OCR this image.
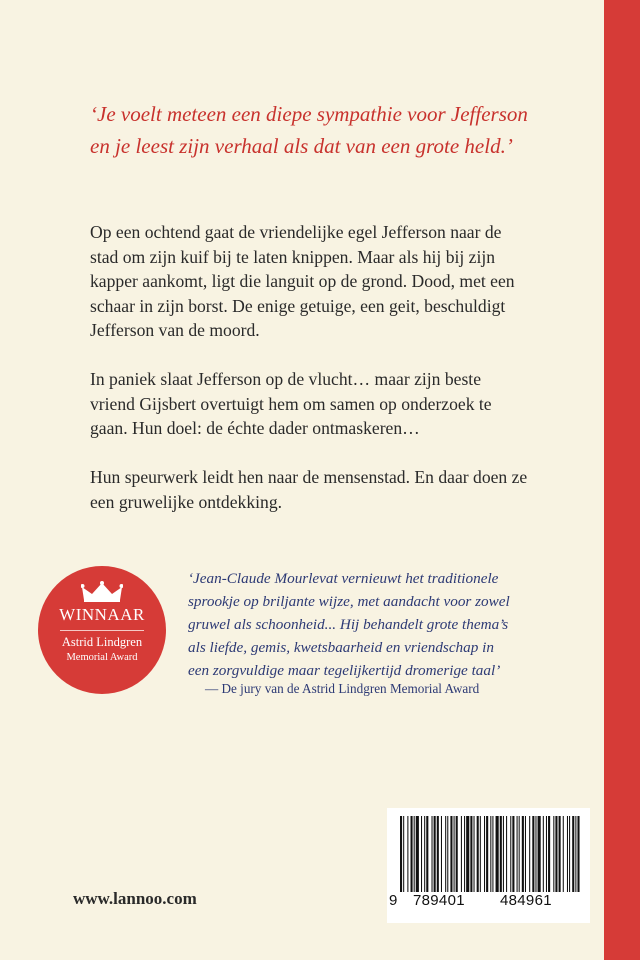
‘Je voelt meteen een diepe sympathie voor Jefferson
en je leest zijn verhaal als dat van een grote held.’

Op een ochtend gaat de vriendelijke egel Jefferson naar de stad om zijn kuif bij te laten knippen. Maar als hij bij zijn kapper aankomt, ligt die languit op de grond. Dood, met een schaar in zijn borst. De enige getuige, een geit, beschuldigt Jefferson van de moord.

In paniek slaat Jefferson op de vlucht… maar zijn beste vriend Gijsbert overtuigt hem om samen op onderzoek te gaan. Hun doel: de échte dader ontmaskeren…

Hun speurwerk leidt hen naar de mensenstad. En daar doen ze een gruwelijke ontdekking.

WINNAAR
Astrid Lindgren
Memorial Award

‘Jean-Claude Mourlevat vernieuwt het traditionele
sprookje op briljante wijze, met aandacht voor zowel
gruwel als schoonheid... Hij behandelt grote thema’s
als liefde, gemis, kwetsbaarheid en vriendschap in
een zorgvuldige maar tegelijkertijd dromerige taal’

— De jury van de Astrid Lindgren Memorial Award
www.lannoo.com	9 789401 484961
